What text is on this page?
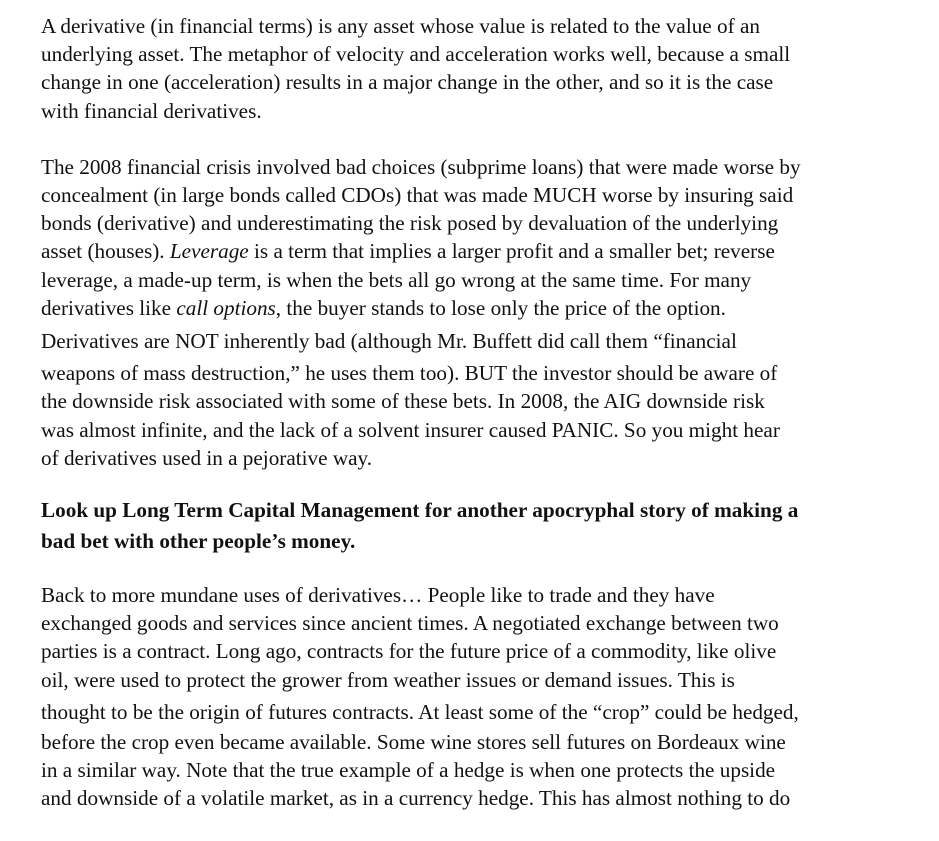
A derivative (in financial terms) is any asset whose value is related to the value of an
underlying asset. The metaphor of velocity and acceleration works well, because a small
change in one (acceleration) results in a major change in the other, and so it is the case
with financial derivatives.

The 2008 financial crisis involved bad choices (subprime loans) that were made worse by
concealment (in large bonds called CDOs) that was made MUCH worse by insuring said
bonds (derivative) and underestimating the risk posed by devaluation of the underlying
asset (houses). Leverage is a term that implies a larger profit and a smaller bet; reverse
leverage, a made-up term, is when the bets all go wrong at the same time. For many
derivatives like call options, the buyer stands to lose only the price of the option.

Derivatives are NOT inherently bad (although Mr. Buffett did call them “financial
weapons of mass destruction,” he uses them too). BUT the investor should be aware of
the downside risk associated with some of these bets. In 2008, the AIG downside risk
was almost infinite, and the lack of a solvent insurer caused PANIC. So you might hear
of derivatives used in a pejorative way.

Look up Long Term Capital Management for another apocryphal story of making a
bad bet with other people’s money.

Back to more mundane uses of derivatives… People like to trade and they have
exchanged goods and services since ancient times. A negotiated exchange between two
parties is a contract. Long ago, contracts for the future price of a commodity, like olive
oil, were used to protect the grower from weather issues or demand issues. This is
thought to be the origin of futures contracts. At least some of the “crop” could be hedged,
before the crop even became available. Some wine stores sell futures on Bordeaux wine
in a similar way. Note that the true example of a hedge is when one protects the upside
and downside of a volatile market, as in a currency hedge. This has almost nothing to do
